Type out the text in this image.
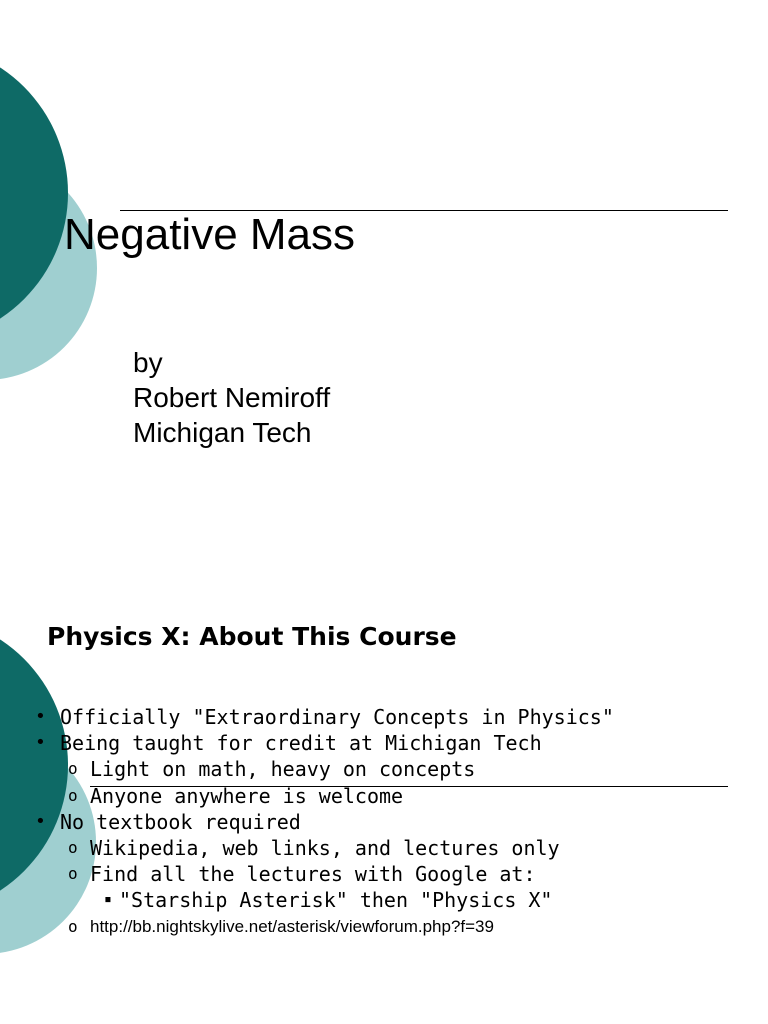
Negative Mass
by
Robert Nemiroff
Michigan Tech
Physics X: About This Course
• Officially "Extraordinary Concepts in Physics"
• Being taught for credit at Michigan Tech
o Light on math, heavy on concepts
o Anyone anywhere is welcome
• No textbook required
o Wikipedia, web links, and lectures only
o Find all the lectures with Google at:
▪ "Starship Asterisk" then "Physics X"
o http://bb.nightskylive.net/asterisk/viewforum.php?f=39
